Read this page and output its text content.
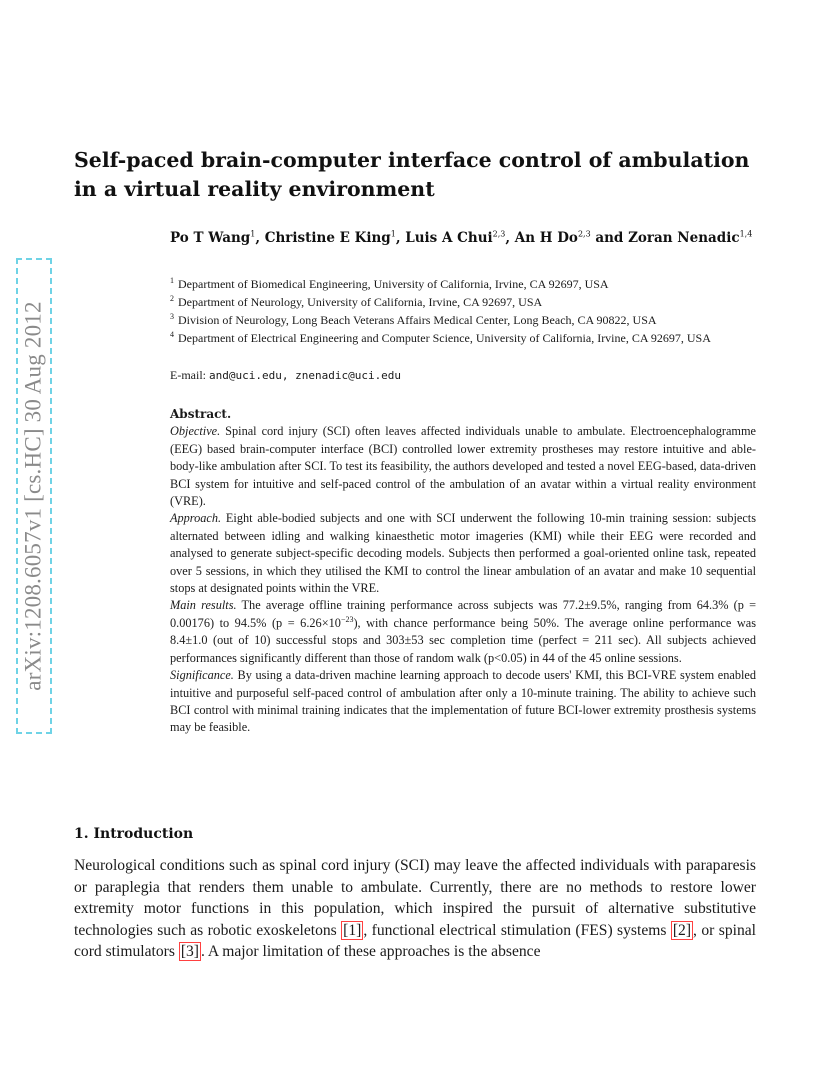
arXiv:1208.6057v1 [cs.HC] 30 Aug 2012
Self-paced brain-computer interface control of ambulation in a virtual reality environment
Po T Wang$^1$, Christine E King$^1$, Luis A Chui$^{2,3}$, An H Do$^{2,3}$ and Zoran Nenadic$^{1,4}$
$^1$ Department of Biomedical Engineering, University of California, Irvine, CA 92697, USA
$^2$ Department of Neurology, University of California, Irvine, CA 92697, USA
$^3$ Division of Neurology, Long Beach Veterans Affairs Medical Center, Long Beach, CA 90822, USA
$^4$ Department of Electrical Engineering and Computer Science, University of California, Irvine, CA 92697, USA
E-mail: and@uci.edu, znenadic@uci.edu
Abstract.

Objective. Spinal cord injury (SCI) often leaves affected individuals unable to ambulate. Electroencephalogramme (EEG) based brain-computer interface (BCI) controlled lower extremity prostheses may restore intuitive and able-body-like ambulation after SCI. To test its feasibility, the authors developed and tested a novel EEG-based, data-driven BCI system for intuitive and self-paced control of the ambulation of an avatar within a virtual reality environment (VRE).

Approach. Eight able-bodied subjects and one with SCI underwent the following 10-min training session: subjects alternated between idling and walking kinaesthetic motor imageries (KMI) while their EEG were recorded and analysed to generate subject-specific decoding models. Subjects then performed a goal-oriented online task, repeated over 5 sessions, in which they utilised the KMI to control the linear ambulation of an avatar and make 10 sequential stops at designated points within the VRE.

Main results. The average offline training performance across subjects was 77.2±9.5%, ranging from 64.3% (p = 0.00176) to 94.5% $(p = 6.26\times 10^{-23})$, with chance performance being 50%. The average online performance was 8.4±1.0 (out of 10) successful stops and 303±53 sec completion time (perfect = 211 sec). All subjects achieved performances significantly different than those of random walk (p<0.05) in 44 of the 45 online sessions.

Significance. By using a data-driven machine learning approach to decode users' KMI, this BCI-VRE system enabled intuitive and purposeful self-paced control of ambulation after only a 10-minute training. The ability to achieve such BCI control with minimal training indicates that the implementation of future BCI-lower extremity prosthesis systems may be feasible.

1. Introduction

Neurological conditions such as spinal cord injury (SCI) may leave the affected individuals with paraparesis or paraplegia that renders them unable to ambulate. Currently, there are no methods to restore lower extremity motor functions in this population, which inspired the pursuit of alternative substitutive technologies such as robotic exoskeletons [1] , functional electrical stimulation (FES) systems [2] , or spinal cord stimulators [3] . A major limitation of these approaches is the absence
